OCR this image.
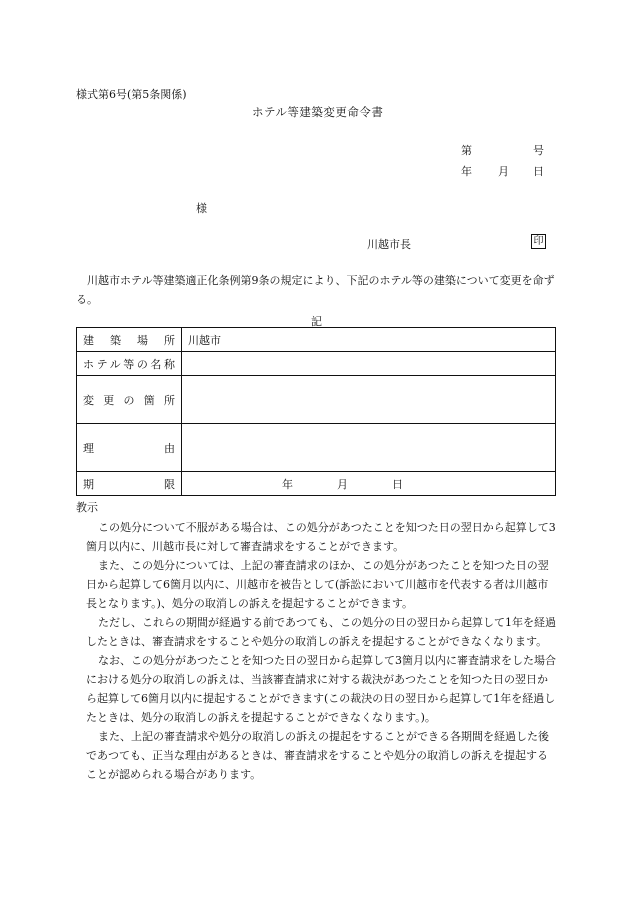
様式第6号(第5条関係)
ホテル等建築変更命令書
第	号
年 月 日
様
川越市長	印
　川越市ホテル等建築適正化条例第9条の規定により、下記のホテル等の建築について変更を命ずる。
記
建築場所	川越市
ホテル等の名称	
変更の箇所	
理由	
期限	年　　　　月　　　　日
教示

この処分について不服がある場合は、この処分があつたことを知つた日の翌日から起算して3箇月以内に、川越市長に対して審査請求をすることができます。

また、この処分については、上記の審査請求のほか、この処分があつたことを知つた日の翌日から起算して6箇月以内に、川越市を被告として(訴訟において川越市を代表する者は川越市長となります。)、処分の取消しの訴えを提起することができます。

ただし、これらの期間が経過する前であつても、この処分の日の翌日から起算して1年を経過したときは、審査請求をすることや処分の取消しの訴えを提起することができなくなります。

なお、この処分があつたことを知つた日の翌日から起算して3箇月以内に審査請求をした場合における処分の取消しの訴えは、当該審査請求に対する裁決があつたことを知つた日の翌日から起算して6箇月以内に提起することができます(この裁決の日の翌日から起算して1年を経過したときは、処分の取消しの訴えを提起することができなくなります。)。

また、上記の審査請求や処分の取消しの訴えの提起をすることができる各期間を経過した後であつても、正当な理由があるときは、審査請求をすることや処分の取消しの訴えを提起することが認められる場合があります。
